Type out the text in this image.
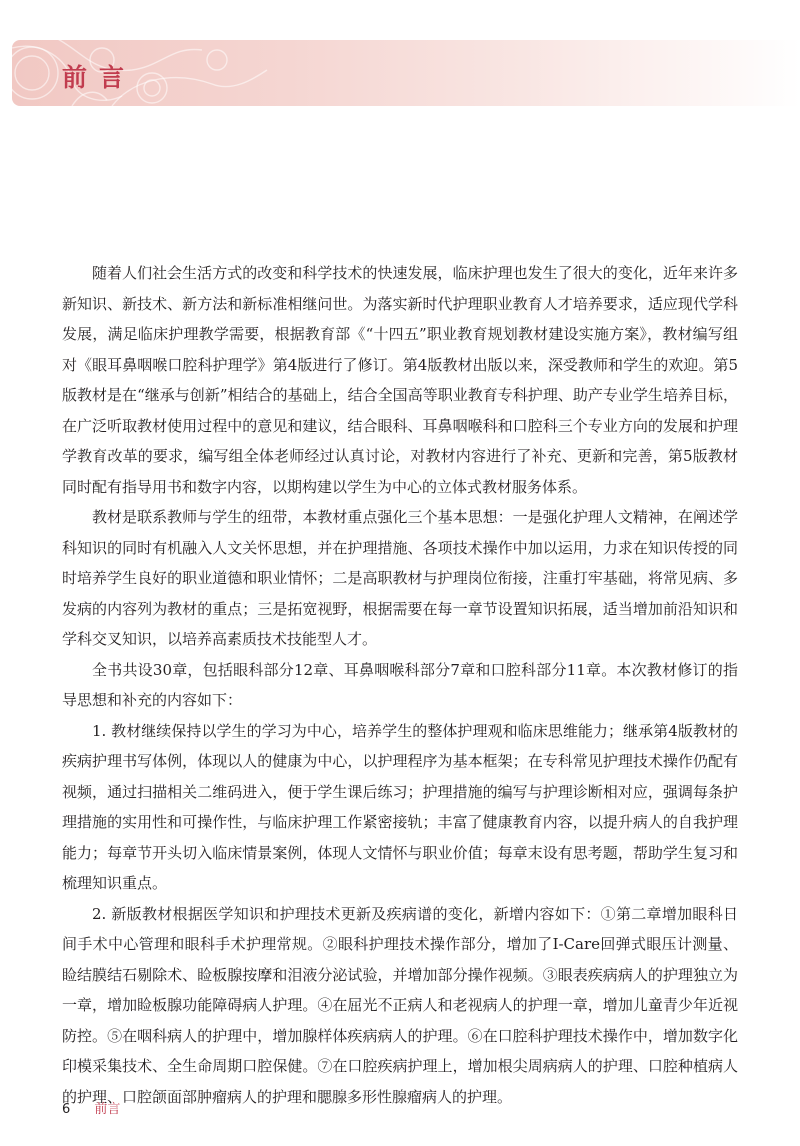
前言

随着人们社会生活方式的改变和科学技术的快速发展，临床护理也发生了很大的变化，近年来许多新知识、新技术、新方法和新标准相继问世。为落实新时代护理职业教育人才培养要求，适应现代学科发展，满足临床护理教学需要，根据教育部《“十四五”职业教育规划教材建设实施方案》，教材编写组对《眼耳鼻咽喉口腔科护理学》第4版进行了修订。第4版教材出版以来，深受教师和学生的欢迎。第5版教材是在“继承与创新”相结合的基础上，结合全国高等职业教育专科护理、助产专业学生培养目标，在广泛听取教材使用过程中的意见和建议，结合眼科、耳鼻咽喉科和口腔科三个专业方向的发展和护理学教育改革的要求，编写组全体老师经过认真讨论，对教材内容进行了补充、更新和完善，第5版教材同时配有指导用书和数字内容，以期构建以学生为中心的立体式教材服务体系。

教材是联系教师与学生的纽带，本教材重点强化三个基本思想：一是强化护理人文精神，在阐述学科知识的同时有机融入人文关怀思想，并在护理措施、各项技术操作中加以运用，力求在知识传授的同时培养学生良好的职业道德和职业情怀；二是高职教材与护理岗位衔接，注重打牢基础，将常见病、多发病的内容列为教材的重点；三是拓宽视野，根据需要在每一章节设置知识拓展，适当增加前沿知识和学科交叉知识，以培养高素质技术技能型人才。

全书共设30章，包括眼科部分12章、耳鼻咽喉科部分7章和口腔科部分11章。本次教材修订的指导思想和补充的内容如下：

1. 教材继续保持以学生的学习为中心，培养学生的整体护理观和临床思维能力；继承第4版教材的疾病护理书写体例，体现以人的健康为中心，以护理程序为基本框架；在专科常见护理技术操作仍配有视频，通过扫描相关二维码进入，便于学生课后练习；护理措施的编写与护理诊断相对应，强调每条护理措施的实用性和可操作性，与临床护理工作紧密接轨；丰富了健康教育内容，以提升病人的自我护理能力；每章节开头切入临床情景案例，体现人文情怀与职业价值；每章末设有思考题，帮助学生复习和梳理知识重点。

2. 新版教材根据医学知识和护理技术更新及疾病谱的变化，新增内容如下：①第二章增加眼科日间手术中心管理和眼科手术护理常规。②眼科护理技术操作部分，增加了I-Care回弹式眼压计测量、睑结膜结石剔除术、睑板腺按摩和泪液分泌试验，并增加部分操作视频。③眼表疾病病人的护理独立为一章，增加睑板腺功能障碍病人护理。④在屈光不正病人和老视病人的护理一章，增加儿童青少年近视防控。⑤在咽科病人的护理中，增加腺样体疾病病人的护理。⑥在口腔科护理技术操作中，增加数字化印模采集技术、全生命周期口腔保健。⑦在口腔疾病护理上，增加根尖周病病人的护理、口腔种植病人的护理、口腔颌面部肿瘤病人的护理和腮腺多形性腺瘤病人的护理。

6 前言
